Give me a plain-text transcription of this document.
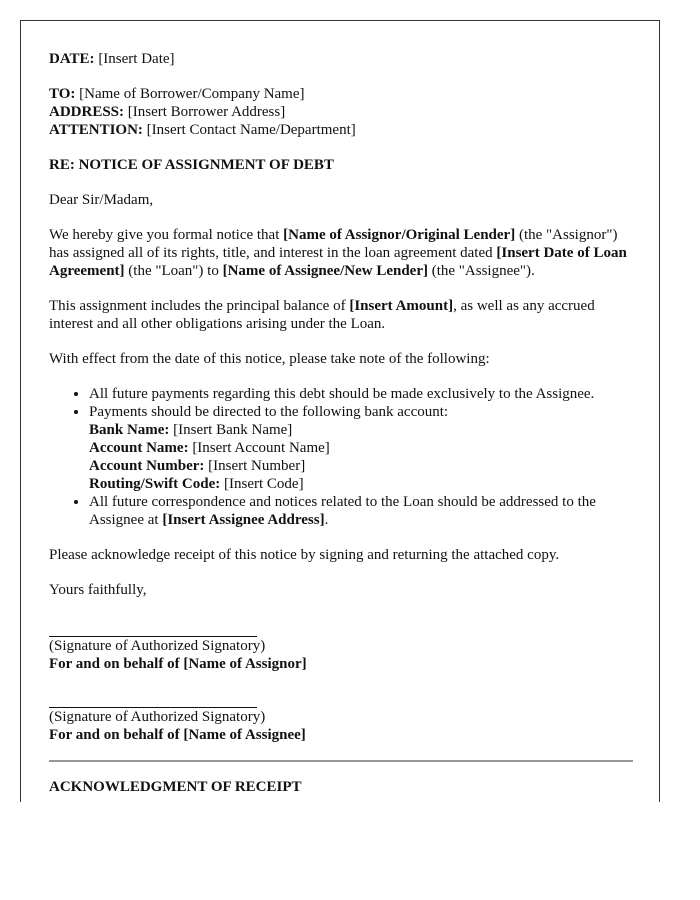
DATE: [Insert Date]

TO: [Name of Borrower/Company Name]

ADDRESS: [Insert Borrower Address]

ATTENTION: [Insert Contact Name/Department]

RE: NOTICE OF ASSIGNMENT OF DEBT

Dear Sir/Madam,

We hereby give you formal notice that [Name of Assignor/Original Lender] (the "Assignor") has assigned all of its rights, title, and interest in the loan agreement dated [Insert Date of Loan Agreement] (the "Loan") to [Name of Assignee/New Lender] (the "Assignee").

This assignment includes the principal balance of [Insert Amount], as well as any accrued interest and all other obligations arising under the Loan.

With effect from the date of this notice, please take note of the following:

• All future payments regarding this debt should be made exclusively to the Assignee.
• Payments should be directed to the following bank account:
Bank Name: [Insert Bank Name]
Account Name: [Insert Account Name]
Account Number: [Insert Number]
Routing/Swift Code: [Insert Code]
• All future correspondence and notices related to the Loan should be addressed to the Assignee at [Insert Assignee Address].

Please acknowledge receipt of this notice by signing and returning the attached copy.

Yours faithfully,

(Signature of Authorized Signatory)

For and on behalf of [Name of Assignor]

(Signature of Authorized Signatory)

For and on behalf of [Name of Assignee]

ACKNOWLEDGMENT OF RECEIPT
